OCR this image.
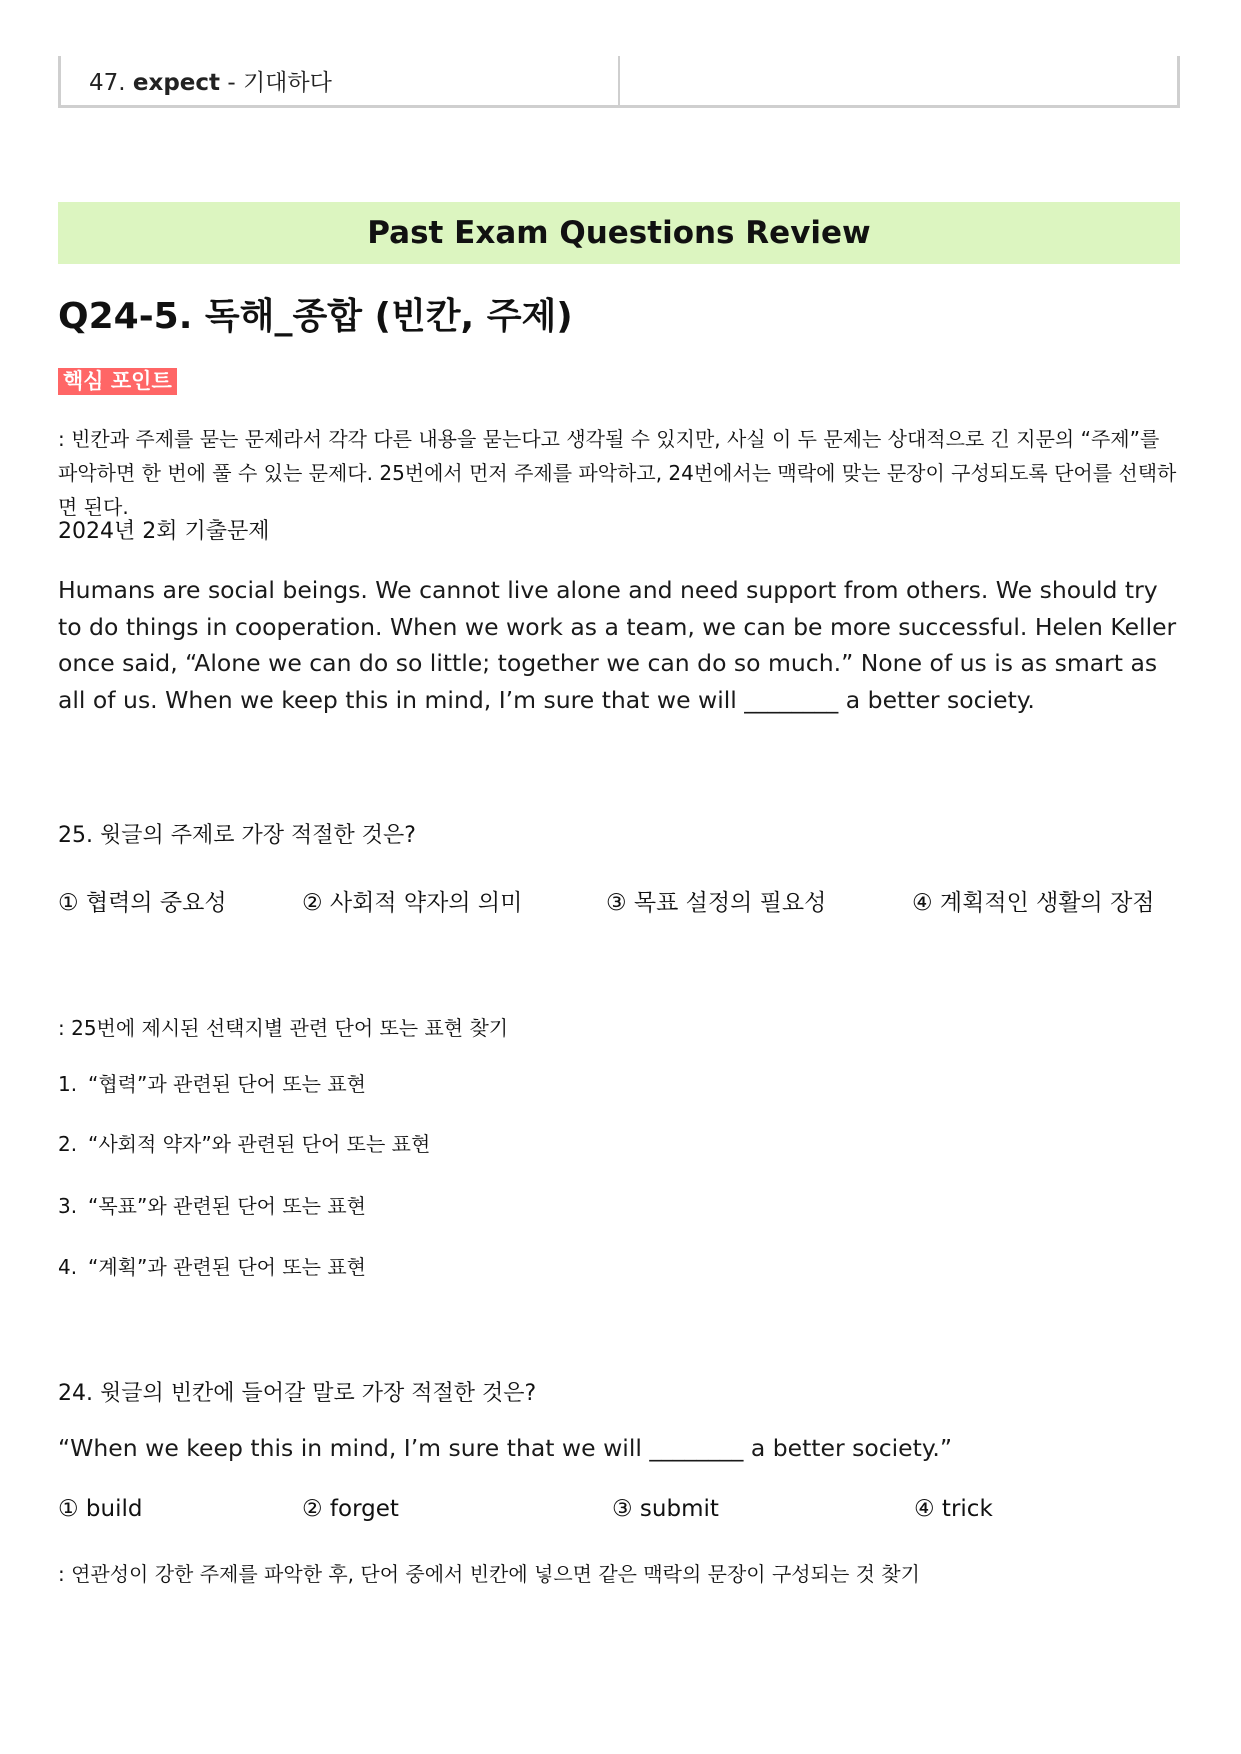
47. expect - 기대하다
Past Exam Questions Review
Q24-5. 독해_종합 (빈칸, 주제)
핵심 포인트
: 빈칸과 주제를 묻는 문제라서 각각 다른 내용을 묻는다고 생각될 수 있지만, 사실 이 두 문제는 상대적으로 긴 지문의 “주제”를 파악하면 한 번에 풀 수 있는 문제다. 25번에서 먼저 주제를 파악하고, 24번에서는 맥락에 맞는 문장이 구성되도록 단어를 선택하면 된다.
2024년 2회 기출문제
Humans are social beings. We cannot live alone and need support from others. We should try to do things in cooperation. When we work as a team, we can be more successful. Helen Keller once said, “Alone we can do so little; together we can do so much.” None of us is as smart as all of us. When we keep this in mind, I’m sure that we will ________ a better society.
25. 윗글의 주제로 가장 적절한 것은?
① 협력의 중요성	② 사회적 약자의 의미	③ 목표 설정의 필요성	④ 계획적인 생활의 장점
: 25번에 제시된 선택지별 관련 단어 또는 표현 찾기
1. “협력”과 관련된 단어 또는 표현
2. “사회적 약자”와 관련된 단어 또는 표현
3. “목표”와 관련된 단어 또는 표현
4. “계획”과 관련된 단어 또는 표현
24. 윗글의 빈칸에 들어갈 말로 가장 적절한 것은?
“When we keep this in mind, I’m sure that we will ________ a better society.”
① build	② forget	③ submit	④ trick
: 연관성이 강한 주제를 파악한 후, 단어 중에서 빈칸에 넣으면 같은 맥락의 문장이 구성되는 것 찾기
